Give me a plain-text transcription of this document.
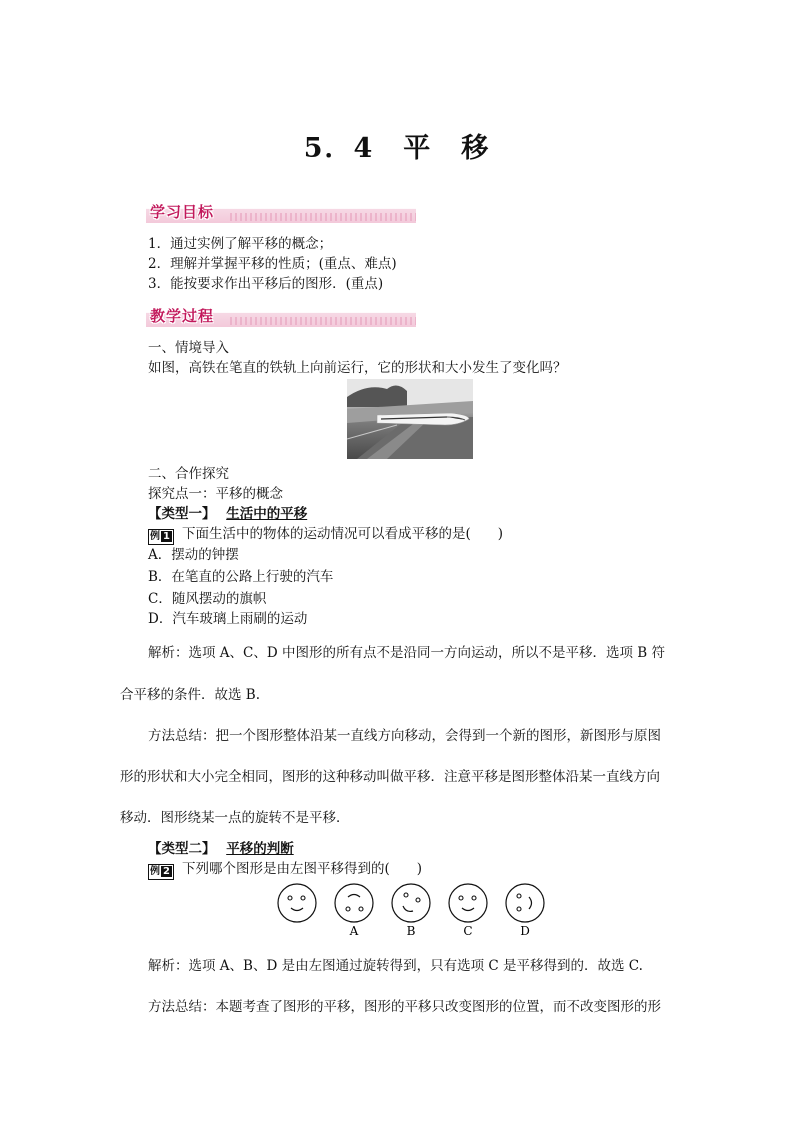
5．4　平　移
学习目标
1．通过实例了解平移的概念；
2．理解并掌握平移的性质；(重点、难点)
3．能按要求作出平移后的图形．(重点)
教学过程
一、情境导入
如图，高铁在笔直的铁轨上向前运行，它的形状和大小发生了变化吗？
二、合作探究
探究点一：平移的概念
【类型一】 生活中的平移
例 1 下面生活中的物体的运动情况可以看成平移的是(　　)
A．摆动的钟摆
B．在笔直的公路上行驶的汽车
C．随风摆动的旗帜
D．汽车玻璃上雨刷的运动
解析：选项 A、C、D 中图形的所有点不是沿同一方向运动，所以不是平移．选项 B 符
合平移的条件．故选 B.
方法总结：把一个图形整体沿某一直线方向移动，会得到一个新的图形，新图形与原图
形的形状和大小完全相同，图形的这种移动叫做平移．注意平移是图形整体沿某一直线方向
移动．图形绕某一点的旋转不是平移．
【类型二】 平移的判断
例 2 下列哪个图形是由左图平移得到的(　　)
A	B	C	D
解析：选项 A、B、D 是由左图通过旋转得到，只有选项 C 是平移得到的．故选 C.
方法总结：本题考查了图形的平移，图形的平移只改变图形的位置，而不改变图形的形
